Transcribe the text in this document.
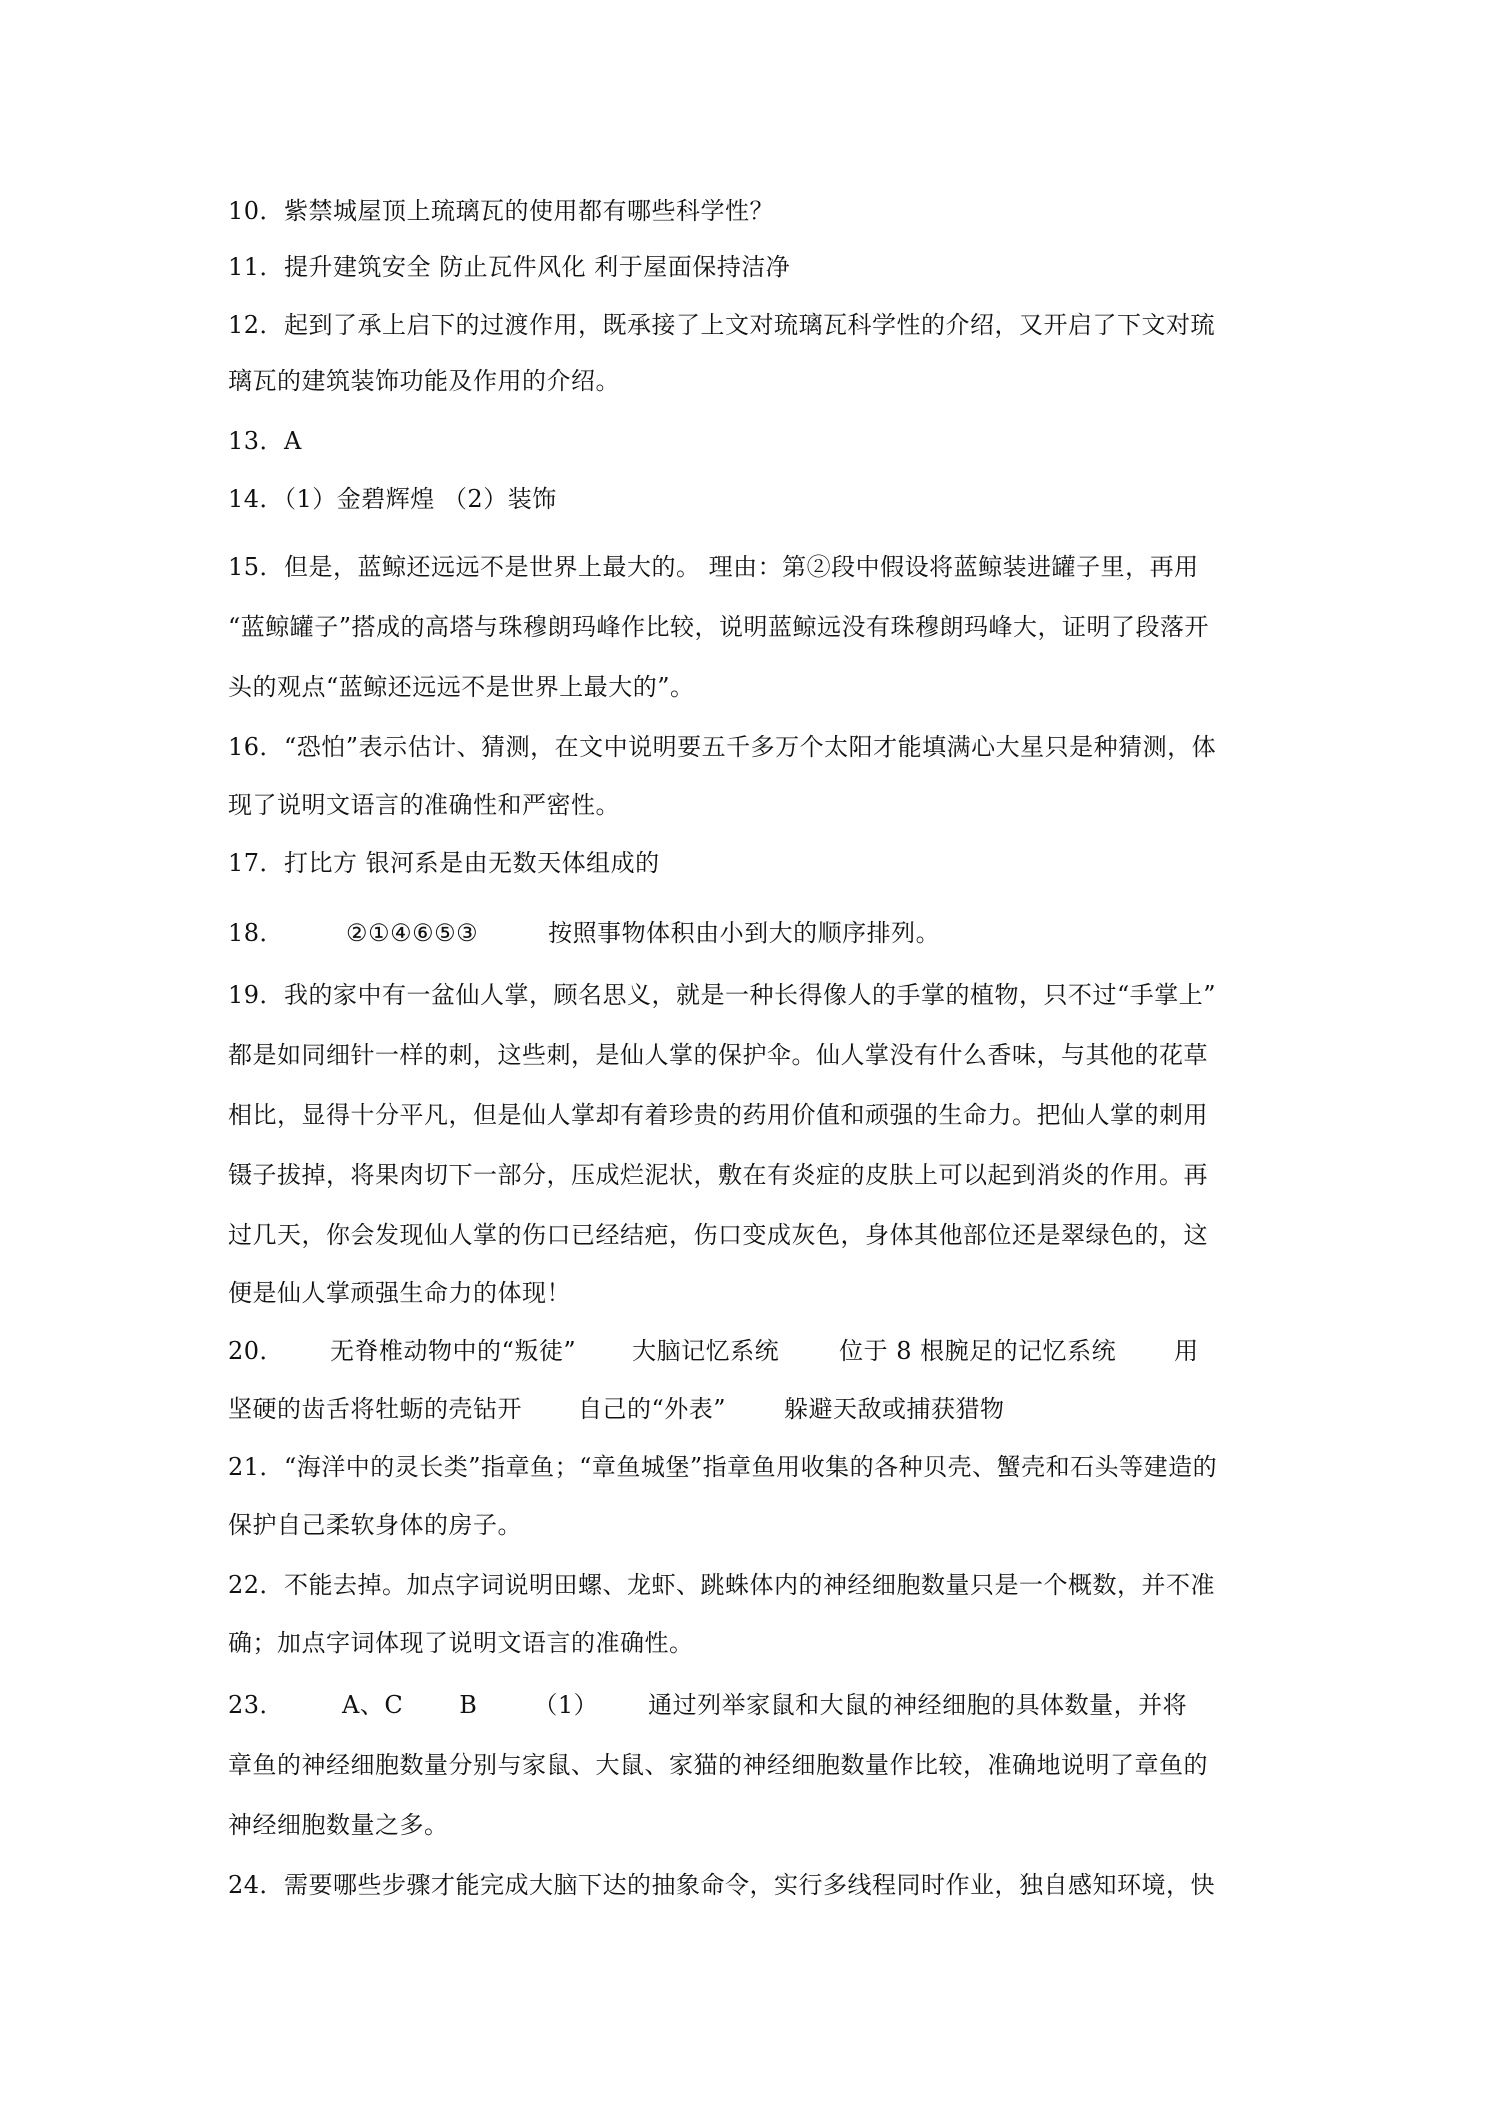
10．紫禁城屋顶上琉璃瓦的使用都有哪些科学性？
11．提升建筑安全 防止瓦件风化 利于屋面保持洁净
12．起到了承上启下的过渡作用，既承接了上文对琉璃瓦科学性的介绍，又开启了下文对琉
璃瓦的建筑装饰功能及作用的介绍。
13．A
14．（1）金碧辉煌 （2）装饰
15．但是，蓝鲸还远远不是世界上最大的。 理由：第②段中假设将蓝鲸装进罐子里，再用
“蓝鲸罐子”搭成的高塔与珠穆朗玛峰作比较，说明蓝鲸远没有珠穆朗玛峰大，证明了段落开
头的观点“蓝鲸还远远不是世界上最大的”。
16．“恐怕”表示估计、猜测，在文中说明要五千多万个太阳才能填满心大星只是种猜测，体
现了说明文语言的准确性和严密性。
17．打比方 银河系是由无数天体组成的
18．	②①④⑥⑤③	按照事物体积由小到大的顺序排列。
19．我的家中有一盆仙人掌，顾名思义，就是一种长得像人的手掌的植物，只不过“手掌上”
都是如同细针一样的刺，这些刺，是仙人掌的保护伞。仙人掌没有什么香味，与其他的花草
相比，显得十分平凡，但是仙人掌却有着珍贵的药用价值和顽强的生命力。把仙人掌的刺用
镊子拔掉，将果肉切下一部分，压成烂泥状，敷在有炎症的皮肤上可以起到消炎的作用。再
过几天，你会发现仙人掌的伤口已经结疤，伤口变成灰色，身体其他部位还是翠绿色的，这
便是仙人掌顽强生命力的体现！
20． 无脊椎动物中的“叛徒” 大脑记忆系统	位于 8 根腕足的记忆系统 用
坚硬的齿舌将牡蛎的壳钻开 自己的“外表” 躲避天敌或捕获猎物
21．“海洋中的灵长类”指章鱼；“章鱼城堡”指章鱼用收集的各种贝壳、蟹壳和石头等建造的
保护自己柔软身体的房子。
22．不能去掉。加点字词说明田螺、龙虾、跳蛛体内的神经细胞数量只是一个概数，并不准
确；加点字词体现了说明文语言的准确性。
23． A、C B （1） 通过列举家鼠和大鼠的神经细胞的具体数量，并将
章鱼的神经细胞数量分别与家鼠、大鼠、家猫的神经细胞数量作比较，准确地说明了章鱼的
神经细胞数量之多。
24．需要哪些步骤才能完成大脑下达的抽象命令，实行多线程同时作业，独自感知环境，快
